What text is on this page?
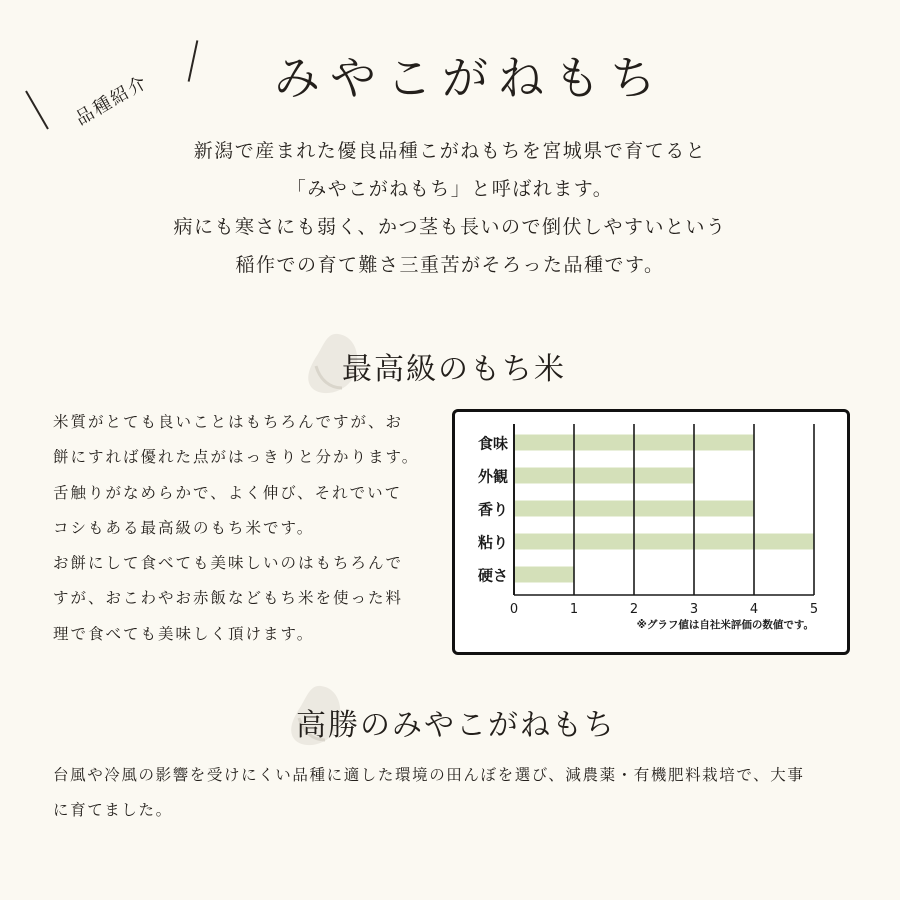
品種紹介	みやこがねもち
新潟で産まれた優良品種こがねもちを宮城県で育てると
「みやこがねもち」と呼ばれます。
病にも寒さにも弱く、かつ茎も長いので倒伏しやすいという
稲作での育て難さ三重苦がそろった品種です。
最高級のもち米
米質がとても良いことはもちろんですが、お
餅にすれば優れた点がはっきりと分かります。
舌触りがなめらかで、よく伸び、それでいて
コシもある最高級のもち米です。
お餅にして食べても美味しいのはもちろんで
すが、おこわやお赤飯などもち米を使った料
理で食べても美味しく頂けます。
食味
外観
香り
粘り
硬さ
0	1	2	3	4	5
※グラフ値は自社米評価の数値です。
高勝のみやこがねもち
台風や冷風の影響を受けにくい品種に適した環境の田んぼを選び、減農薬・有機肥料栽培で、大事
に育てました。
